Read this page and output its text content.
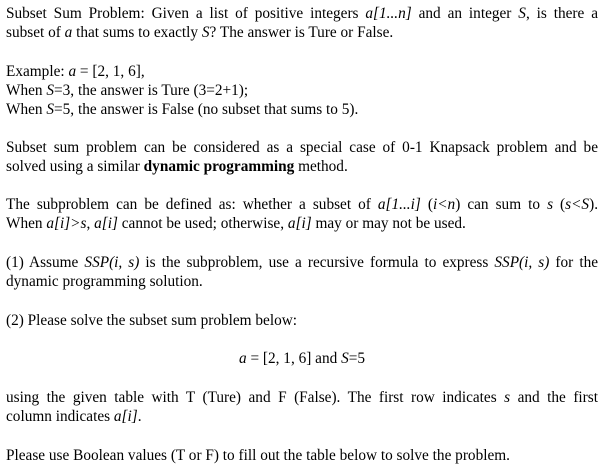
Subset Sum Problem: Given a list of positive integers a[1...n] and an integer S, is there a
subset of a that sums to exactly S? The answer is Ture or False.
Example: a = [2, 1, 6],
When S=3, the answer is Ture (3=2+1);
When S=5, the answer is False (no subset that sums to 5).
Subset sum problem can be considered as a special case of 0-1 Knapsack problem and be
solved using a similar dynamic programming method.
The subproblem can be defined as: whether a subset of a[1...i] (i<n) can sum to s (s<S).
When a[i]>s, a[i] cannot be used; otherwise, a[i] may or may not be used.
(1) Assume SSP(i, s) is the subproblem, use a recursive formula to express SSP(i, s) for the
dynamic programming solution.
(2) Please solve the subset sum problem below:
a = [2, 1, 6] and S=5
using the given table with T (Ture) and F (False). The first row indicates s and the first
column indicates a[i].
Please use Boolean values (T or F) to fill out the table below to solve the problem.
